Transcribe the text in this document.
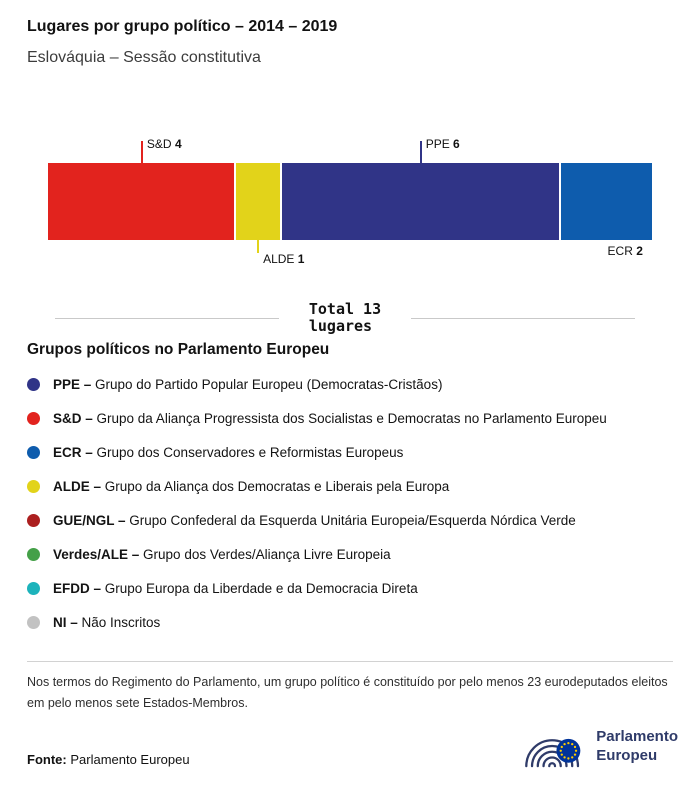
Lugares por grupo político – 2014 – 2019
Eslováquia – Sessão constitutiva
S&D 4
ALDE 1
PPE 6
ECR 2
Total 13
lugares
Grupos políticos no Parlamento Europeu
PPE – Grupo do Partido Popular Europeu (Democratas-Cristãos)
S&D – Grupo da Aliança Progressista dos Socialistas e Democratas no Parlamento Europeu
ECR – Grupo dos Conservadores e Reformistas Europeus
ALDE – Grupo da Aliança dos Democratas e Liberais pela Europa
GUE/NGL – Grupo Confederal da Esquerda Unitária Europeia/Esquerda Nórdica Verde
Verdes/ALE – Grupo dos Verdes/Aliança Livre Europeia
EFDD – Grupo Europa da Liberdade e da Democracia Direta
NI – Não Inscritos
Nos termos do Regimento do Parlamento, um grupo político é constituído por pelo menos 23 eurodeputados eleitos em pelo menos sete Estados-Membros.
Fonte: Parlamento Europeu
Parlamento
Europeu
